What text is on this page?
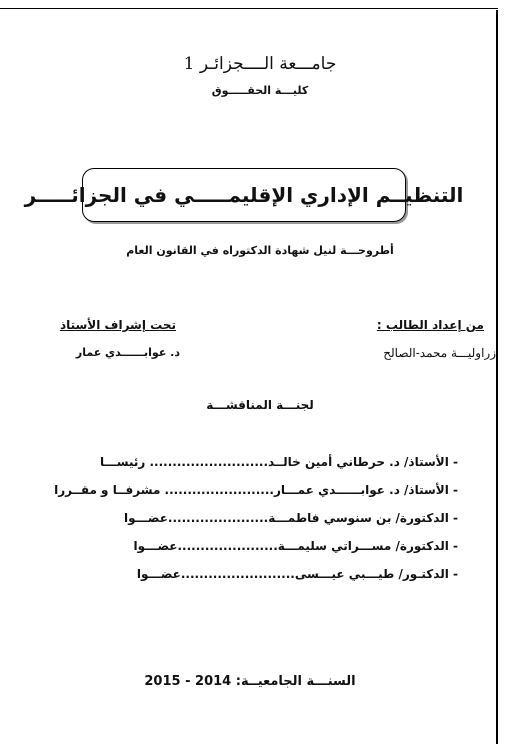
جامـــعة الــــجزائـر 1
كليـــة الحقـــــوق
التنظيــم الإداري الإقليمـــــي في الجزائـــــر
أطروحـــة لنيل شهادة الدكتوراه في القانون العام
من إعداد الطالب :
تحت إشراف الأستاذ
زراوليـــة محمد-الصالح
د. عوابــــــدي عمار
لجنـــة المناقشـــة
- الأستاذ/ د. حرطاني أمين خالــد.......................... رئيســـا
- الأستاذ/ د. عوابــــــدي عمـــار........................ مشرفــا و مقــررا
- الدكتورة/ بن سنوسي فاطمـــة......................عضـــوا
- الدكتورة/ مســـراتي سليمـــة......................عضـــوا
- الدكتـور/ طيـــبي عيـــسى.........................عضـــوا
السنـــة الجامعيــة: 2014 - 2015
